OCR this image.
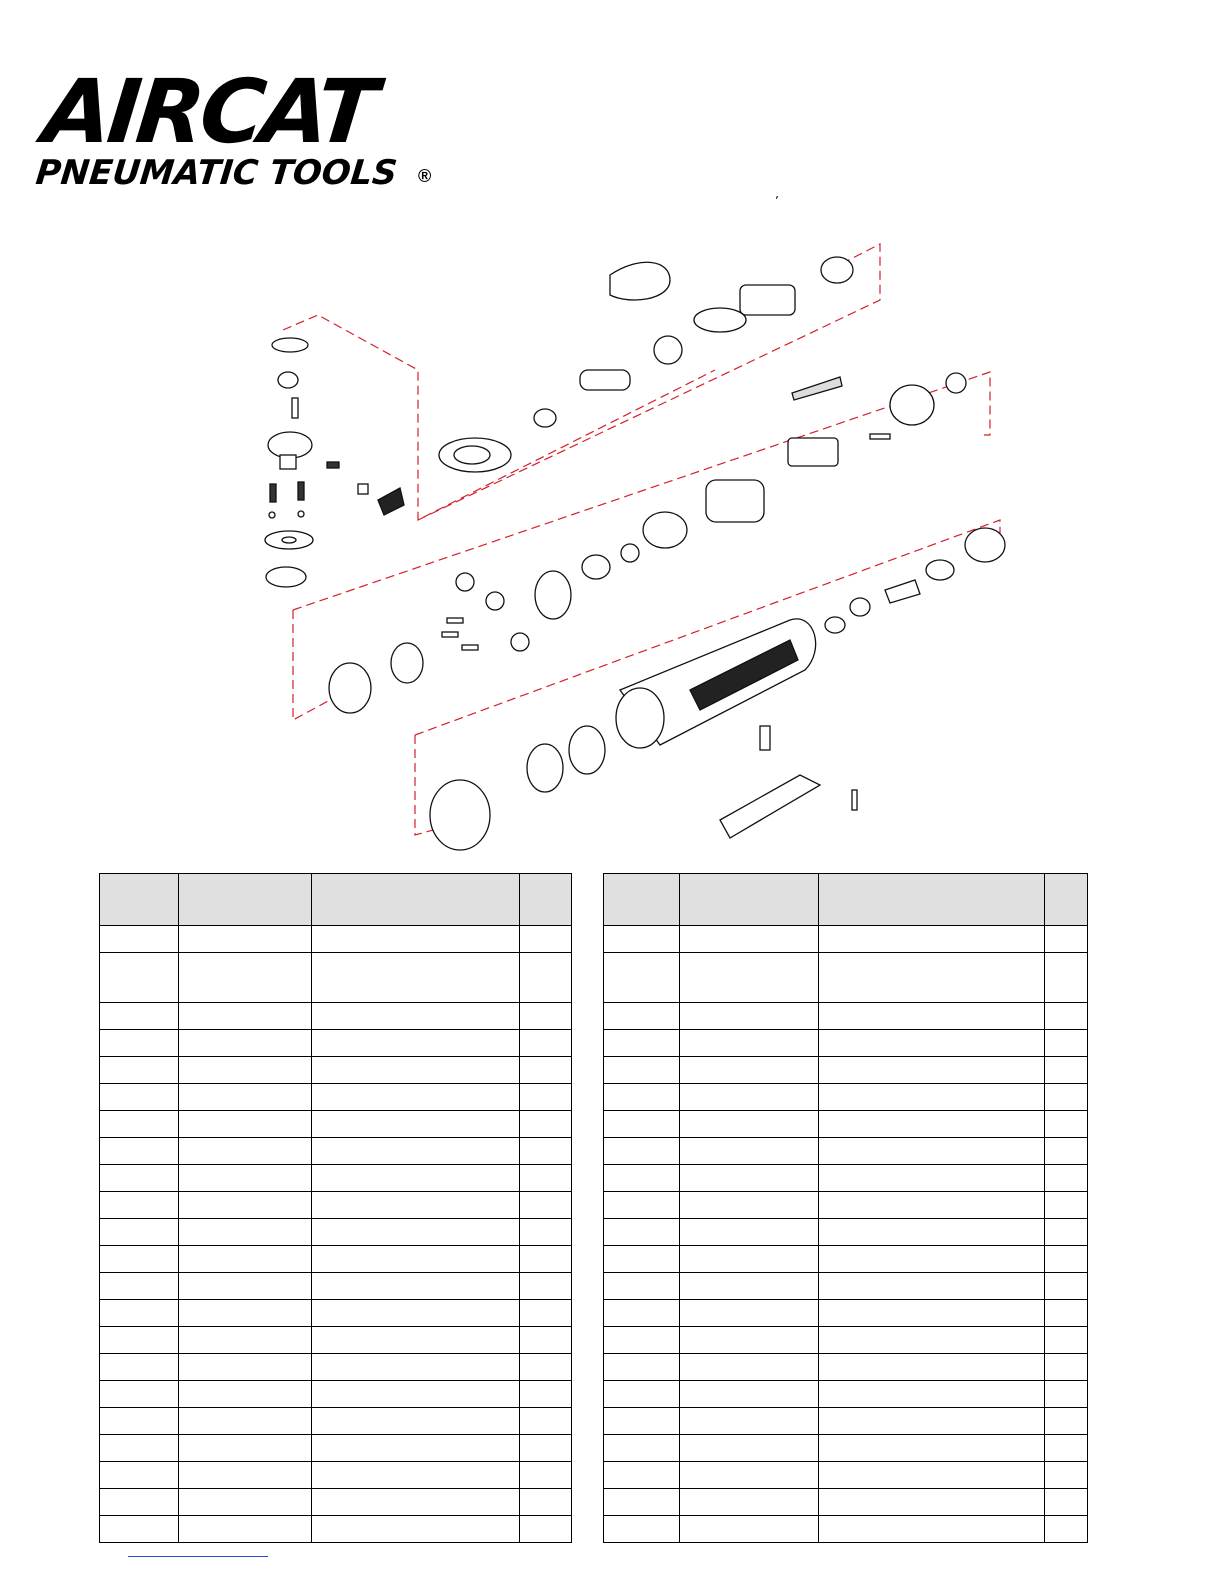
AIRCAT
PNEUMATIC TOOLS ®
ʼ
